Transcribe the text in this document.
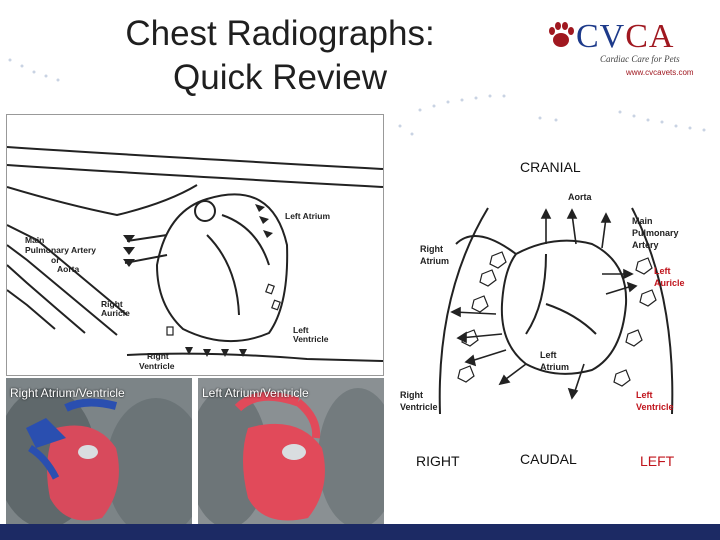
Chest Radiographs:
Quick Review
CVCA
Cardiac Care for Pets
www.cvcavets.com
Left Atrium
Main
Pulmonary Artery
or
Aorta
Right
Auricle
Left
Ventricle
Right
Ventricle
CRANIAL
Aorta
Main
Pulmonary
Artery
Right
Atrium
Left
Auricle
Left
Atrium
Right
Ventricle
Left
Ventricle
RIGHT	CAUDAL	LEFT
Right Atrium/Ventricle	Left Atrium/Ventricle
